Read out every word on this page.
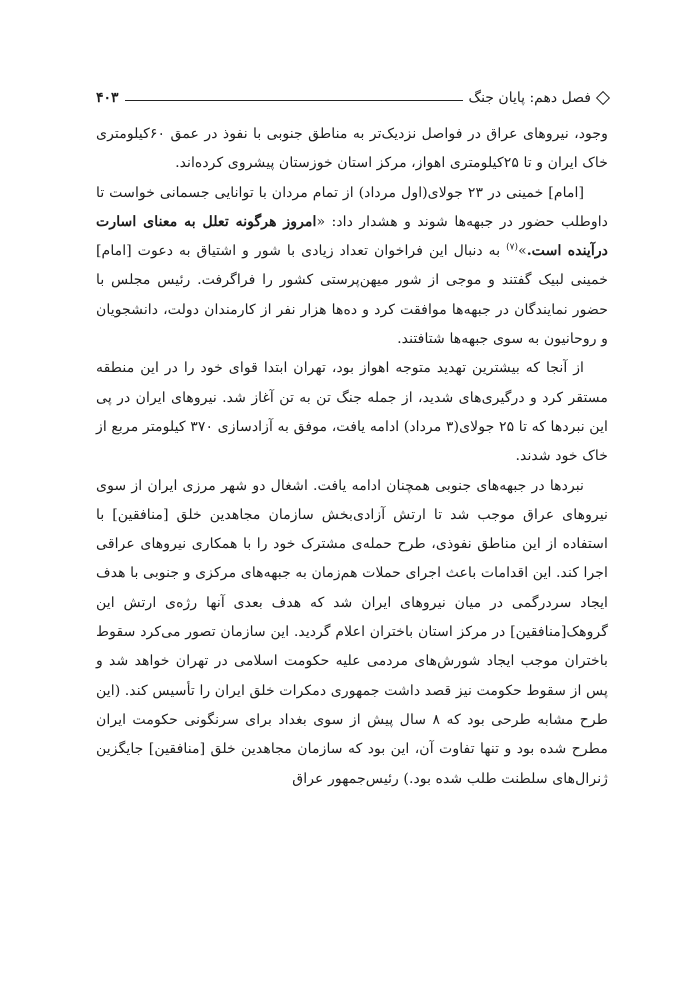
فصل دهم: پایان جنگ
۴۰۳

وجود، نیروهای عراق در فواصل نزدیک‌تر به مناطق جنوبی با نفوذ در عمق ۶۰کیلومتری خاک ایران و تا ۲۵کیلومتری اهواز، مرکز استان خوزستان پیشروی کرده‌اند.

[امام] خمینی در ۲۳ جولای(اول مرداد) از تمام مردان با توانایی جسمانی خواست تا داوطلب حضور در جبهه‌ها شوند و هشدار داد: «امروز هرگونه تعلل به معنای اسارت درآینده است.»$^{(۷)}$ به دنبال این فراخوان تعداد زیادی با شور و اشتیاق به دعوت [امام] خمینی لبیک گفتند و موجی از شور میهن‌پرستی کشور را فراگرفت. رئیس مجلس با حضور نمایندگان در جبهه‌ها موافقت کرد و ده‌ها هزار نفر از کارمندان دولت، دانشجویان و روحانیون به سوی جبهه‌ها شتافتند.

از آنجا که بیشترین تهدید متوجه اهواز بود، تهران ابتدا قوای خود را در این منطقه مستقر کرد و درگیری‌های شدید، از جمله جنگ تن به تن آغاز شد. نیروهای ایران در پی این نبردها که تا ۲۵ جولای(۳ مرداد) ادامه یافت، موفق به آزادسازی ۳۷۰ کیلومتر مربع از خاک خود شدند.

نبردها در جبهه‌های جنوبی همچنان ادامه یافت. اشغال دو شهر مرزی ایران از سوی نیروهای عراق موجب شد تا ارتش آزادی‌بخش سازمان مجاهدین خلق [منافقین] با استفاده از این مناطق نفوذی، طرح حمله‌ی مشترک خود را با همکاری نیروهای عراقی اجرا کند. این اقدامات باعث اجرای حملات هم‌زمان به جبهه‌های مرکزی و جنوبی با هدف ایجاد سردرگمی در میان نیروهای ایران شد که هدف بعدی آنها رژه‌ی ارتش این گروهک[منافقین] در مرکز استان باختران اعلام گردید. این سازمان تصور می‌کرد سقوط باختران موجب ایجاد شورش‌های مردمی علیه حکومت اسلامی در تهران خواهد شد و پس از سقوط حکومت نیز قصد داشت جمهوری دمکرات خلق ایران را تأسیس کند. (این طرح مشابه طرحی بود که ۸ سال پیش از سوی بغداد برای سرنگونی حکومت ایران مطرح شده بود و تنها تفاوت آن، این بود که سازمان مجاهدین خلق [منافقین] جایگزین ژنرال‌های سلطنت طلب شده بود.) رئیس‌جمهور عراق
